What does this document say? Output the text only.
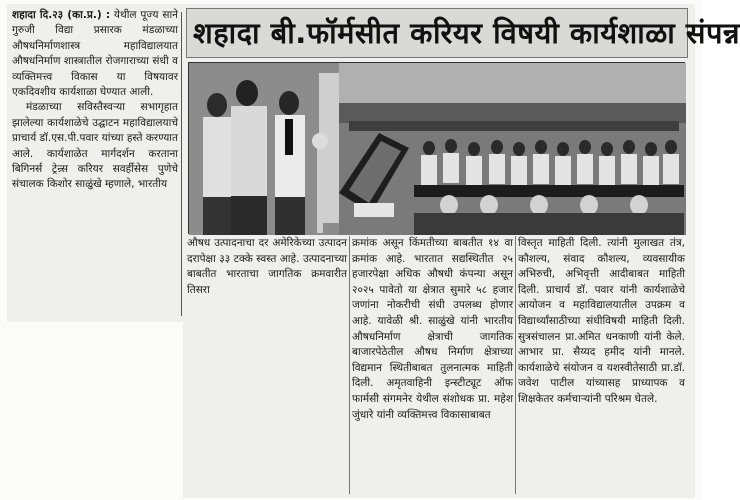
शहादा दि.२३ (का.प्र.) : येथील पूज्य साने गुरुजी विद्या प्रसारक मंडळाच्या औषधनिर्माणशास्त्र महाविद्यालयात औषधनिर्माण शास्त्रातील रोजगाराच्या संधी व व्यक्तिमत्त्व विकास या विषयावर एकदिवशीय कार्यशाळा घेण्यात आली.

मंडळाच्या सविस्तैस्वऱ्या सभागृहात झालेल्या कार्यशाळेचे उद्घाटन महाविद्यालयाचे प्राचार्य डॉ.एस.पी.पवार यांच्या हस्ते करण्यात आले. कार्यशाळेत मार्गदर्शन करताना बिगिनर्स ट्रेन्र्स करियर सवर्हीसेस पुणेचे संचालक किशोर साळुंखे म्हणाले, भारतीय

शहादा बी.फॉर्मसीत करियर विषयी कार्यशाळा संपन्न

औषध उत्पादनाचा दर अमेरिकेच्या उत्पादन दरापेक्षा ३३ टक्के स्वस्त आहे. उत्पादनाच्या बाबतीत भारताचा जागतिक क्रमवारीत तिसरा

क्रमांक असून किंमतीच्या बाबतीत १४ वा क्रमांक आहे. भारतात सद्यस्थितीत २५ हजारपेक्षा अधिक औषधी कंपन्या असून २०२५ पावेतो या क्षेत्रात सुमारे ५८ हजार जणांना नोकरीची संधी उपलब्ध होणार आहे. यावेळी श्री. साळुंखे यांनी भारतीय औषधनिर्माण क्षेत्राची जागतिक बाजारपेठेतील औषध निर्माण क्षेत्राच्या विद्यमान स्थितीबाबत तुलनात्मक माहिती दिली. अमृतवाहिनी इन्स्टीट्यूट ऑफ फार्मसी संगमनेर येथील संशोधक प्रा. महेश जुंधारे यांनी व्यक्तिमत्त्व विकासाबाबत

विस्तृत माहिती दिली. त्यांनी मुलाखत तंत्र, कौशल्य, संवाद कौशल्य, व्यवसायीक अभिरुची, अभिवृत्ती आदीबाबत माहिती दिली. प्राचार्य डॉ. पवार यांनी कार्यशाळेचे आयोजन व महाविद्यालयातील उपक्रम व विद्यार्थ्यांसाठीच्या संधीविषयी माहिती दिली. सुत्रसंचालन प्रा.अमित धनकाणी यांनी केले. आभार प्रा. सैय्यद हमीद यांनी मानले. कार्यशाळेचे संयोजन व यशस्वीतेसाठी प्रा.डॉ. जवेश पाटील यांच्यासह प्राध्यापक व शिक्षकेतर कर्मचाऱ्यांनी परिश्रम घेतले.
